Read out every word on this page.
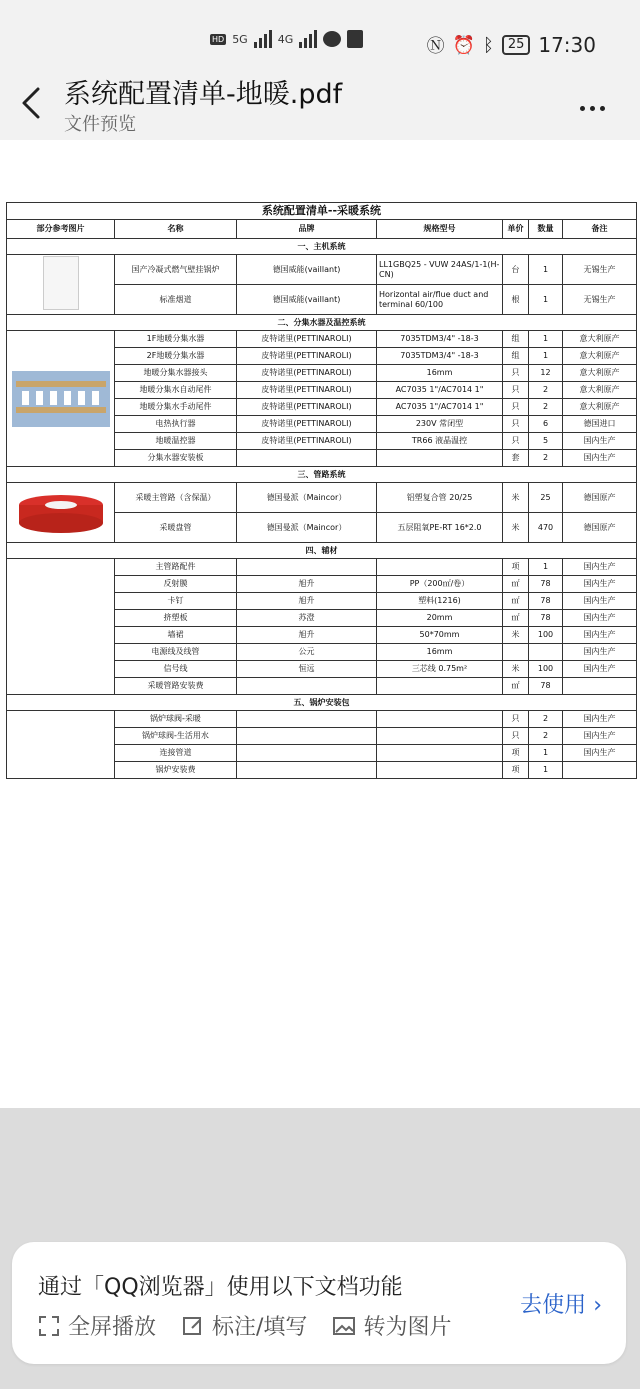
HD 5G	4G	Ⓝ ⏰ ᛒ	25 17:30
系统配置清单-地暖.pdf
文件预览
系统配置清单--采暖系统						
部分参考图片	名称	品牌	规格型号	单价	数量	备注
一、主机系统						
	国产冷凝式燃气壁挂锅炉	德国威能(vaillant)	LL1GBQ25 - VUW 24AS/1-1(H-CN)	台	1	无锡生产
	标准烟道	德国威能(vaillant)	Horizontal air/flue duct and terminal 60/100	根	1	无锡生产
二、分集水器及温控系统						

	1F地暖分集水器	皮特诺里(PETTINAROLI)	7035TDM3/4" -18-3	组	1	意大利原产
	2F地暖分集水器	皮特诺里(PETTINAROLI)	7035TDM3/4" -18-3	组	1	意大利原产
	地暖分集水器接头	皮特诺里(PETTINAROLI)	16mm	只	12	意大利原产
	地暖分集水自动尾件	皮特诺里(PETTINAROLI)	AC7035 1"/AC7014 1"	只	2	意大利原产
	地暖分集水手动尾件	皮特诺里(PETTINAROLI)	AC7035 1"/AC7014 1"	只	2	意大利原产
	电热执行器	皮特诺里(PETTINAROLI)	230V 常闭型	只	6	德国进口
	地暖温控器	皮特诺里(PETTINAROLI)	TR66 液晶温控	只	5	国内生产
	分集水器安装板			套	2	国内生产
三、管路系统						

	采暖主管路（含保温）	德国曼派（Maincor）	铝塑复合管 20/25	米	25	德国原产
	采暖盘管	德国曼派（Maincor）	五层阻氧PE-RT 16*2.0	米	470	德国原产
四、辅材						
	主管路配件			项	1	国内生产
	反射膜	旭升	PP（200㎡/卷）	㎡	78	国内生产
	卡钉	旭升	塑料(1216)	㎡	78	国内生产
	挤塑板	苏澄	20mm	㎡	78	国内生产
	墙裙	旭升	50*70mm	米	100	国内生产
	电源线及线管	公元	16mm			国内生产
	信号线	恒远	三芯线 0.75m²	米	100	国内生产
	采暖管路安装费			㎡	78	
五、锅炉安装包						
	锅炉球阀-采暖			只	2	国内生产
	锅炉球阀-生活用水			只	2	国内生产
	连接管道			项	1	国内生产
	锅炉安装费			项	1	
通过「QQ浏览器」使用以下文档功能
全屏播放	标注/填写	转为图片
去使用 ›
